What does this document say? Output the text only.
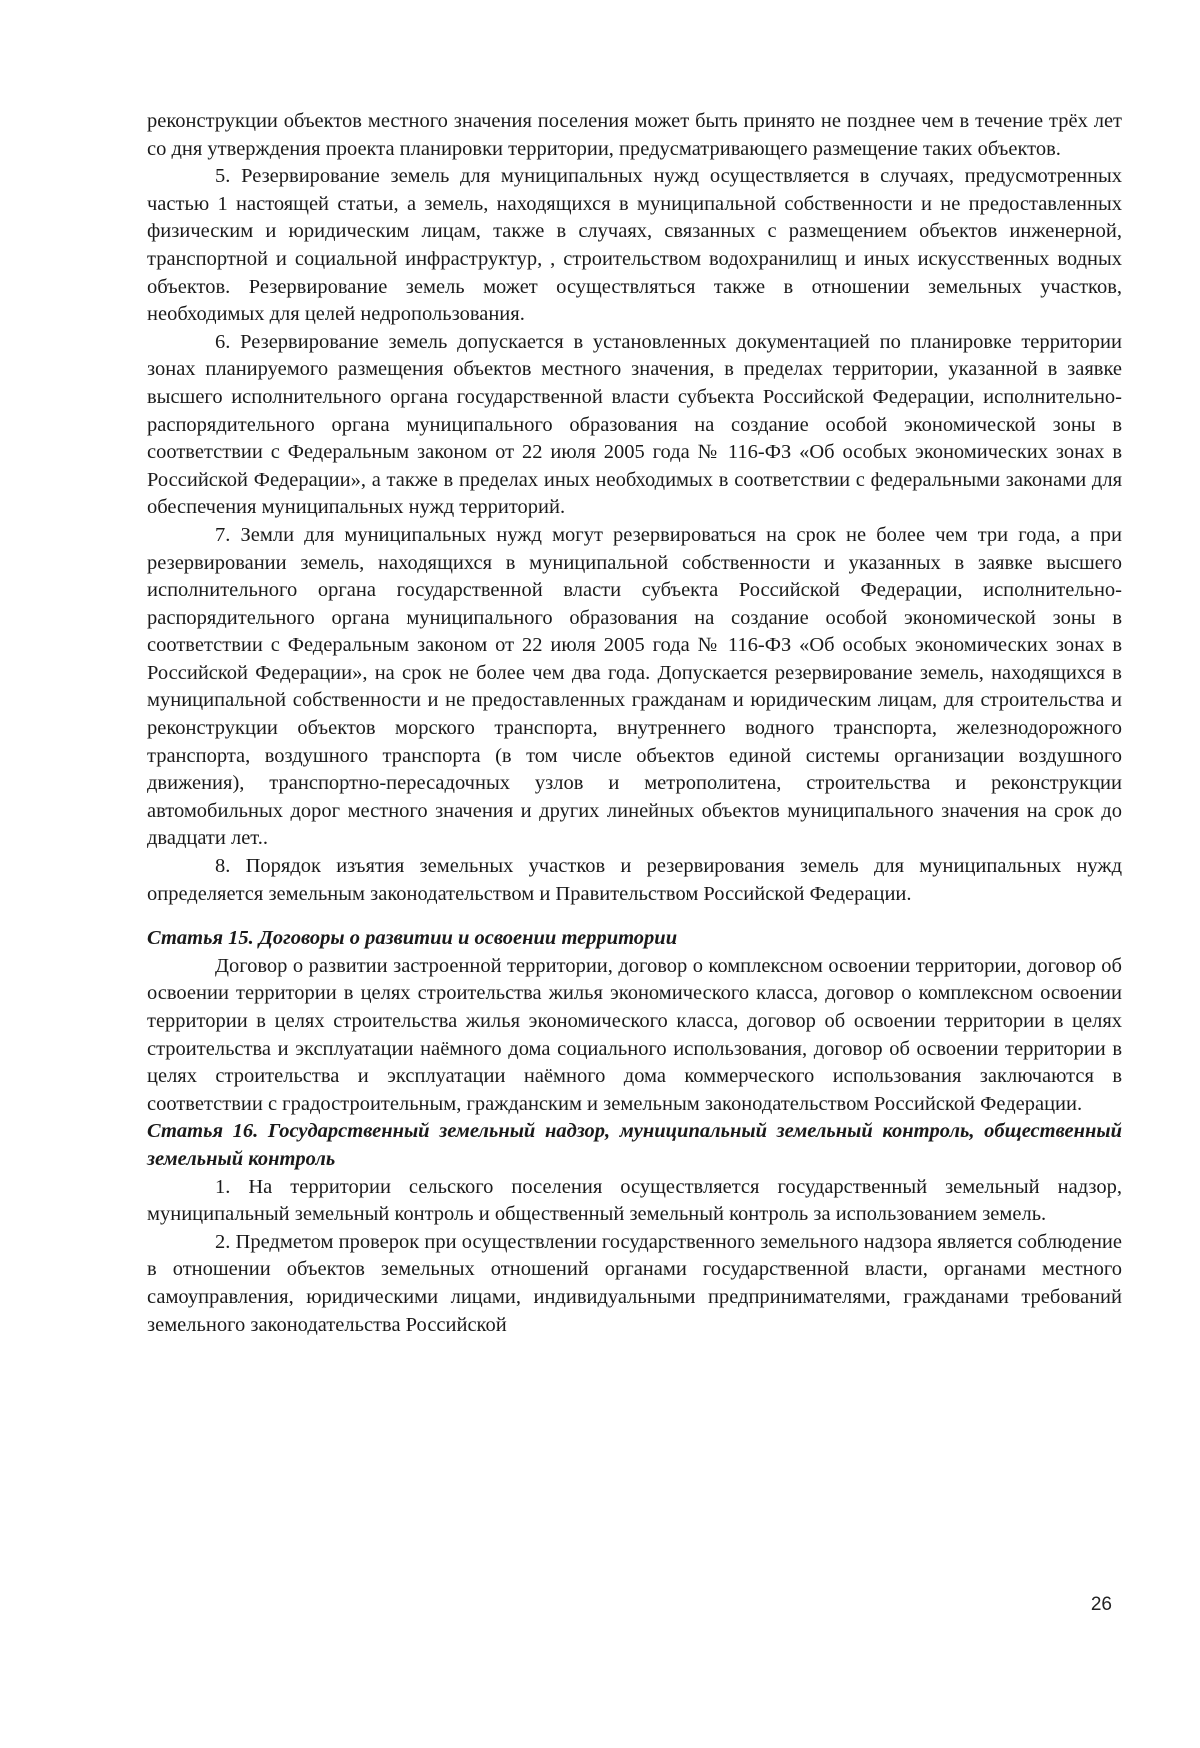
реконструкции объектов местного значения поселения может быть принято не позднее чем в течение трёх лет со дня утверждения проекта планировки территории, предусматривающего размещение таких объектов.

5. Резервирование земель для муниципальных нужд осуществляется в случаях, предусмотренных частью 1 настоящей статьи, а земель, находящихся в муниципальной собственности и не предоставленных физическим и юридическим лицам, также в случаях, связанных с размещением объектов инженерной, транспортной и социальной инфраструктур, , строительством водохранилищ и иных искусственных водных объектов. Резервирование земель может осуществляться также в отношении земельных участков, необходимых для целей недропользования.

6. Резервирование земель допускается в установленных документацией по планировке территории зонах планируемого размещения объектов местного значения, в пределах территории, указанной в заявке высшего исполнительного органа государственной власти субъекта Российской Федерации, исполнительно-распорядительного органа муниципального образования на создание особой экономической зоны в соответствии с Федеральным законом от 22 июля 2005 года № 116-ФЗ «Об особых экономических зонах в Российской Федерации», а также в пределах иных необходимых в соответствии с федеральными законами для обеспечения муниципальных нужд территорий.

7. Земли для муниципальных нужд могут резервироваться на срок не более чем три года, а при резервировании земель, находящихся в муниципальной собственности и указанных в заявке высшего исполнительного органа государственной власти субъекта Российской Федерации, исполнительно-распорядительного органа муниципального образования на создание особой экономической зоны в соответствии с Федеральным законом от 22 июля 2005 года № 116-ФЗ «Об особых экономических зонах в Российской Федерации», на срок не более чем два года. Допускается резервирование земель, находящихся в муниципальной собственности и не предоставленных гражданам и юридическим лицам, для строительства и реконструкции объектов морского транспорта, внутреннего водного транспорта, железнодорожного транспорта, воздушного транспорта (в том числе объектов единой системы организации воздушного движения), транспортно-пересадочных узлов и метрополитена, строительства и реконструкции автомобильных дорог местного значения и других линейных объектов муниципального значения на срок до двадцати лет..

8. Порядок изъятия земельных участков и резервирования земель для муниципальных нужд определяется земельным законодательством и Правительством Российской Федерации.

Статья 15. Договоры о развитии и освоении территории

Договор о развитии застроенной территории, договор о комплексном освоении территории, договор об освоении территории в целях строительства жилья экономического класса, договор о комплексном освоении территории в целях строительства жилья экономического класса, договор об освоении территории в целях строительства и эксплуатации наёмного дома социального использования, договор об освоении территории в целях строительства и эксплуатации наёмного дома коммерческого использования заключаются в соответствии с градостроительным, гражданским и земельным законодательством Российской Федерации.

Статья 16. Государственный земельный надзор, муниципальный земельный контроль, общественный земельный контроль

1. На территории сельского поселения осуществляется государственный земельный надзор, муниципальный земельный контроль и общественный земельный контроль за использованием земель.

2. Предметом проверок при осуществлении государственного земельного надзора является соблюдение в отношении объектов земельных отношений органами государственной власти, органами местного самоуправления, юридическими лицами, индивидуальными предпринимателями, гражданами требований земельного законодательства Российской

26
